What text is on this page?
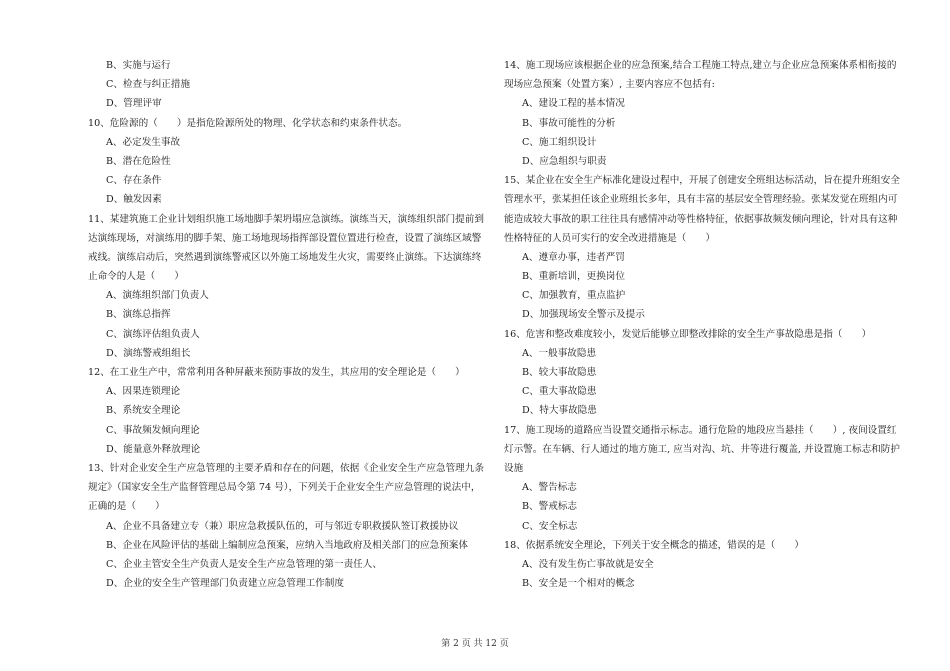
B、实施与运行
C、检查与纠正措施
D、管理评审
10、危险源的（　　）是指危险源所处的物理、化学状态和约束条件状态。
A、必定发生事故
B、潜在危险性
C、存在条件
D、触发因素
11、某建筑施工企业计划组织施工场地脚手架坍塌应急演练。演练当天，演练组织部门提前到
达演练现场，对演练用的脚手架、施工场地现场指挥部设置位置进行检查，设置了演练区域警
戒线。演练启动后，突然遇到演练警戒区以外施工场地发生火灾，需要终止演练。下达演练终
止命令的人是（　　）
A、演练组织部门负责人
B、演练总指挥
C、演练评估组负责人
D、演练警戒组组长
12、在工业生产中，常常利用各种屏蔽来预防事故的发生，其应用的安全理论是（　　）
A、因果连锁理论
B、系统安全理论
C、事故频发倾向理论
D、能量意外释放理论
13、针对企业安全生产应急管理的主要矛盾和存在的问题，依据《企业安全生产应急管理九条
规定》（国家安全生产监督管理总局令第 74 号），下列关于企业安全生产应急管理的说法中，
正确的是（　　）
A、企业不具备建立专（兼）职应急救援队伍的，可与邻近专职救援队签订救援协议
B、企业在风险评估的基础上编制应急预案，应纳入当地政府及相关部门的应急预案体
C、企业主管安全生产负责人是安全生产应急管理的第一责任人、
D、企业的安全生产管理部门负责建立应急管理工作制度
14、施工现场应该根据企业的应急预案,结合工程施工特点,建立与企业应急预案体系相衔接的
现场应急预案（处置方案）, 主要内容应不包括有:
A、建设工程的基本情况
B、事故可能性的分析
C、施工组织设计
D、应急组织与职责
15、某企业在安全生产标准化建设过程中，开展了创建安全班组达标活动，旨在提升班组安全
管理水平，张某担任该企业班组长多年，具有丰富的基层安全管理经验。张某发觉在班组内可
能造成较大事故的职工往往具有感情冲动等性格特征，依据事故频发倾向理论，针对具有这种
性格特征的人员可实行的安全改进措施是（　　）
A、遵章办事，违者严罚
B、重新培训，更换岗位
C、加强教育，重点监护
D、加强现场安全警示及提示
16、危害和整改难度较小，发觉后能够立即整改排除的安全生产事故隐患是指（　　）
A、一般事故隐患
B、较大事故隐患
C、重大事故隐患
D、特大事故隐患
17、施工现场的道路应当设置交通指示标志。通行危险的地段应当悬挂（　　）, 夜间设置红
灯示警。在车辆、行人通过的地方施工, 应当对沟、坑、井等进行覆盖, 并设置施工标志和防护
设施
A、警告标志
B、警戒标志
C、安全标志
18、依据系统安全理论，下列关于安全概念的描述，错误的是（　　）
A、没有发生伤亡事故就是安全
B、安全是一个相对的概念
第 2 页 共 12 页
